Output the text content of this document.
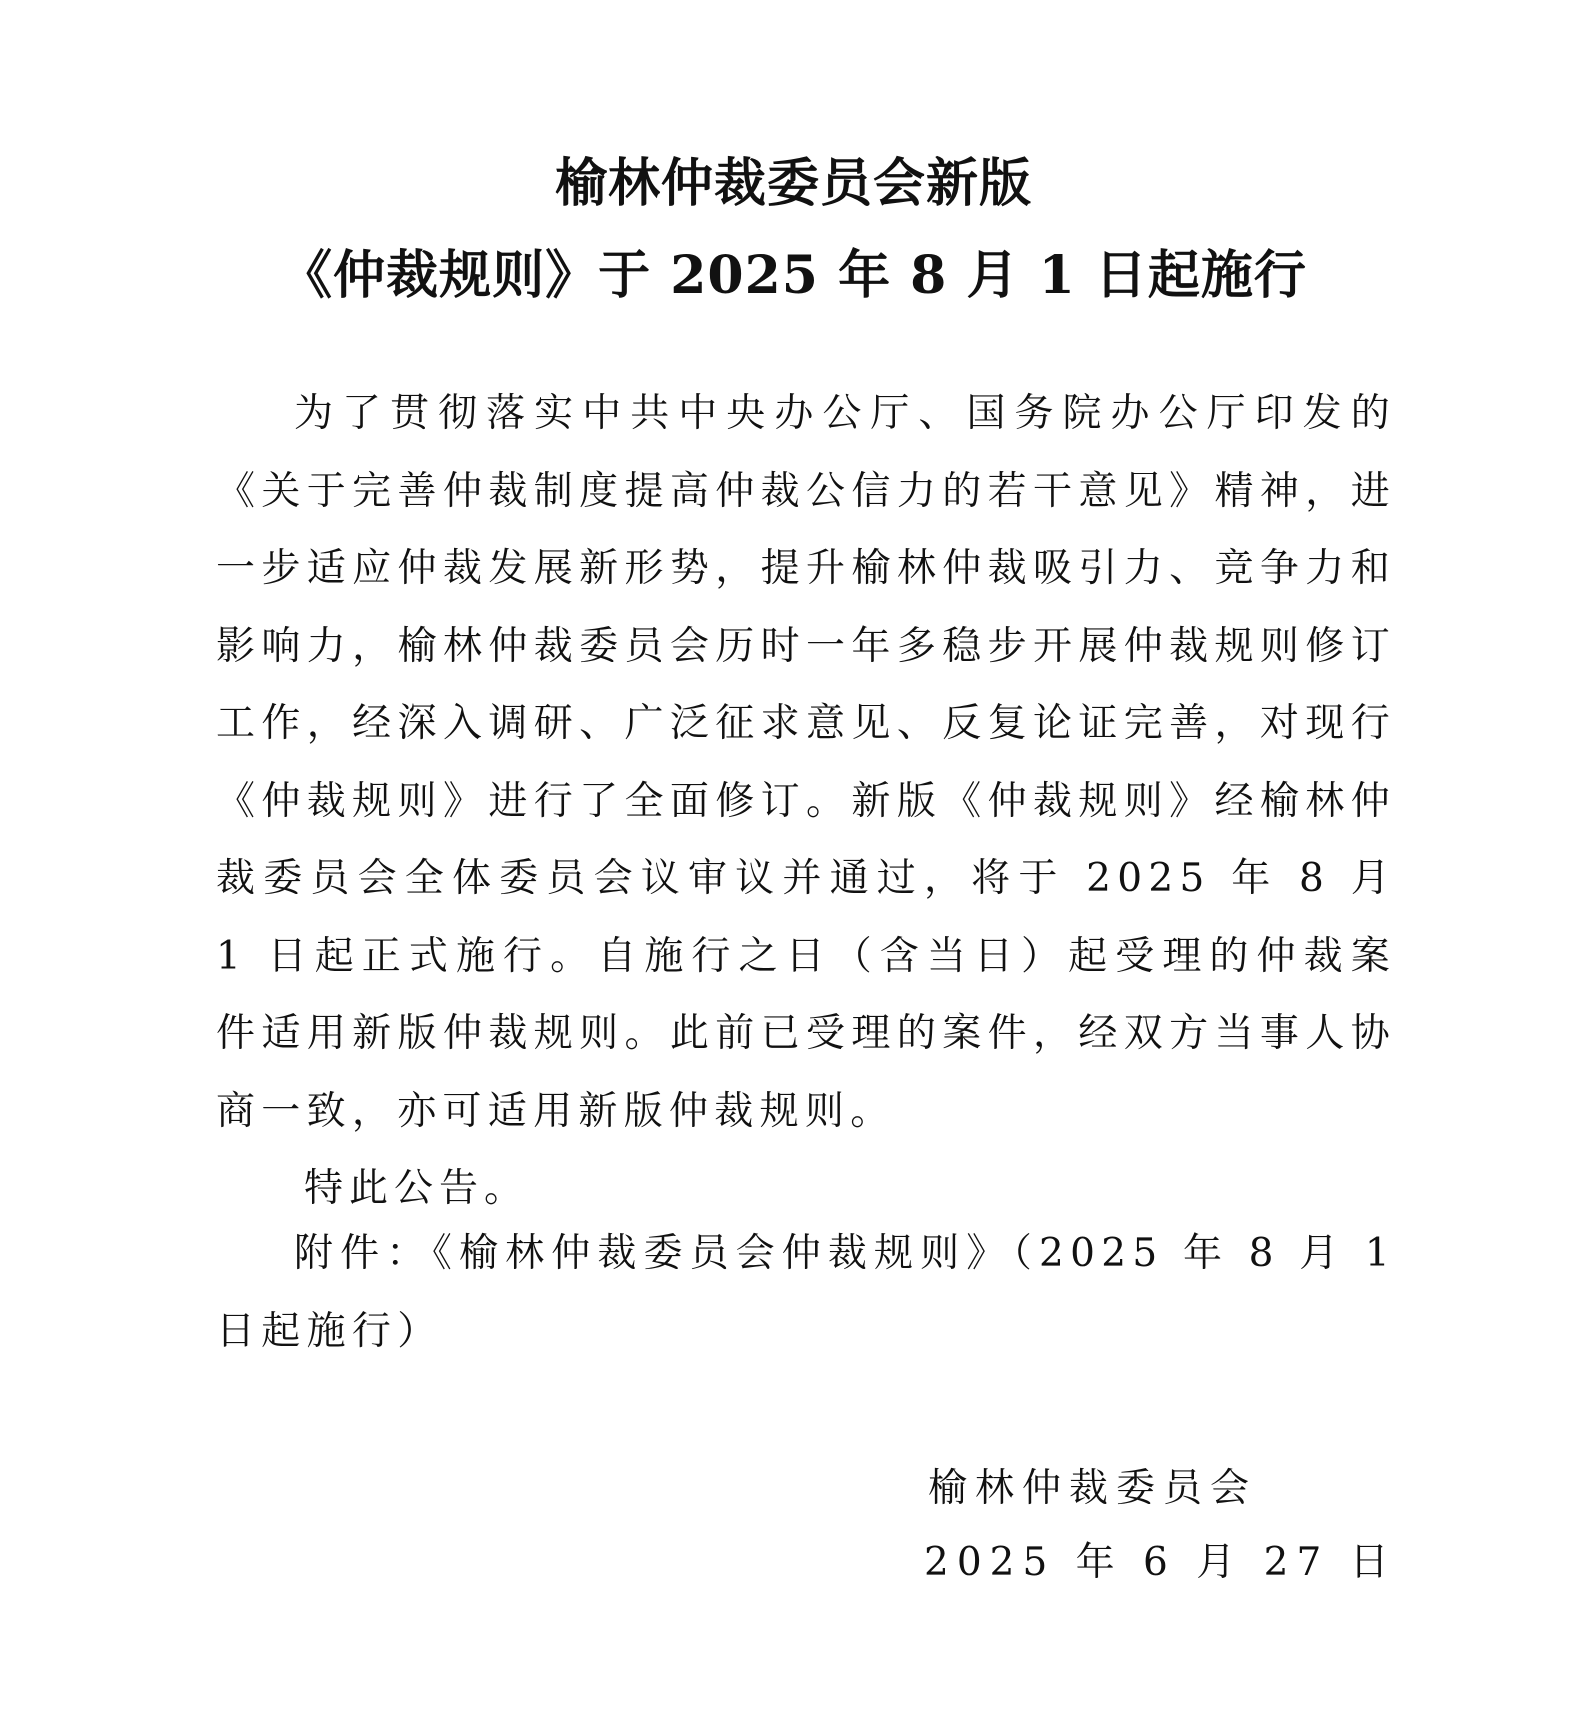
榆林仲裁委员会新版
《仲裁规则》于 2025 年 8 月 1 日起施行

为了贯彻落实中共中央办公厅、国务院办公厅印发的《关于完善仲裁制度提高仲裁公信力的若干意见》精神，进一步适应仲裁发展新形势，提升榆林仲裁吸引力、竞争力和影响力，榆林仲裁委员会历时一年多稳步开展仲裁规则修订工作，经深入调研、广泛征求意见、反复论证完善，对现行《仲裁规则》进行了全面修订。新版《仲裁规则》经榆林仲裁委员会全体委员会议审议并通过，将于 2025 年 8 月 1 日起正式施行。自施行之日（含当日）起受理的仲裁案件适用新版仲裁规则。此前已受理的案件，经双方当事人协商一致，亦可适用新版仲裁规则。

特此公告。

附件：《榆林仲裁委员会仲裁规则》（2025 年 8 月 1 日起施行）

榆林仲裁委员会
2025 年 6 月 27 日
